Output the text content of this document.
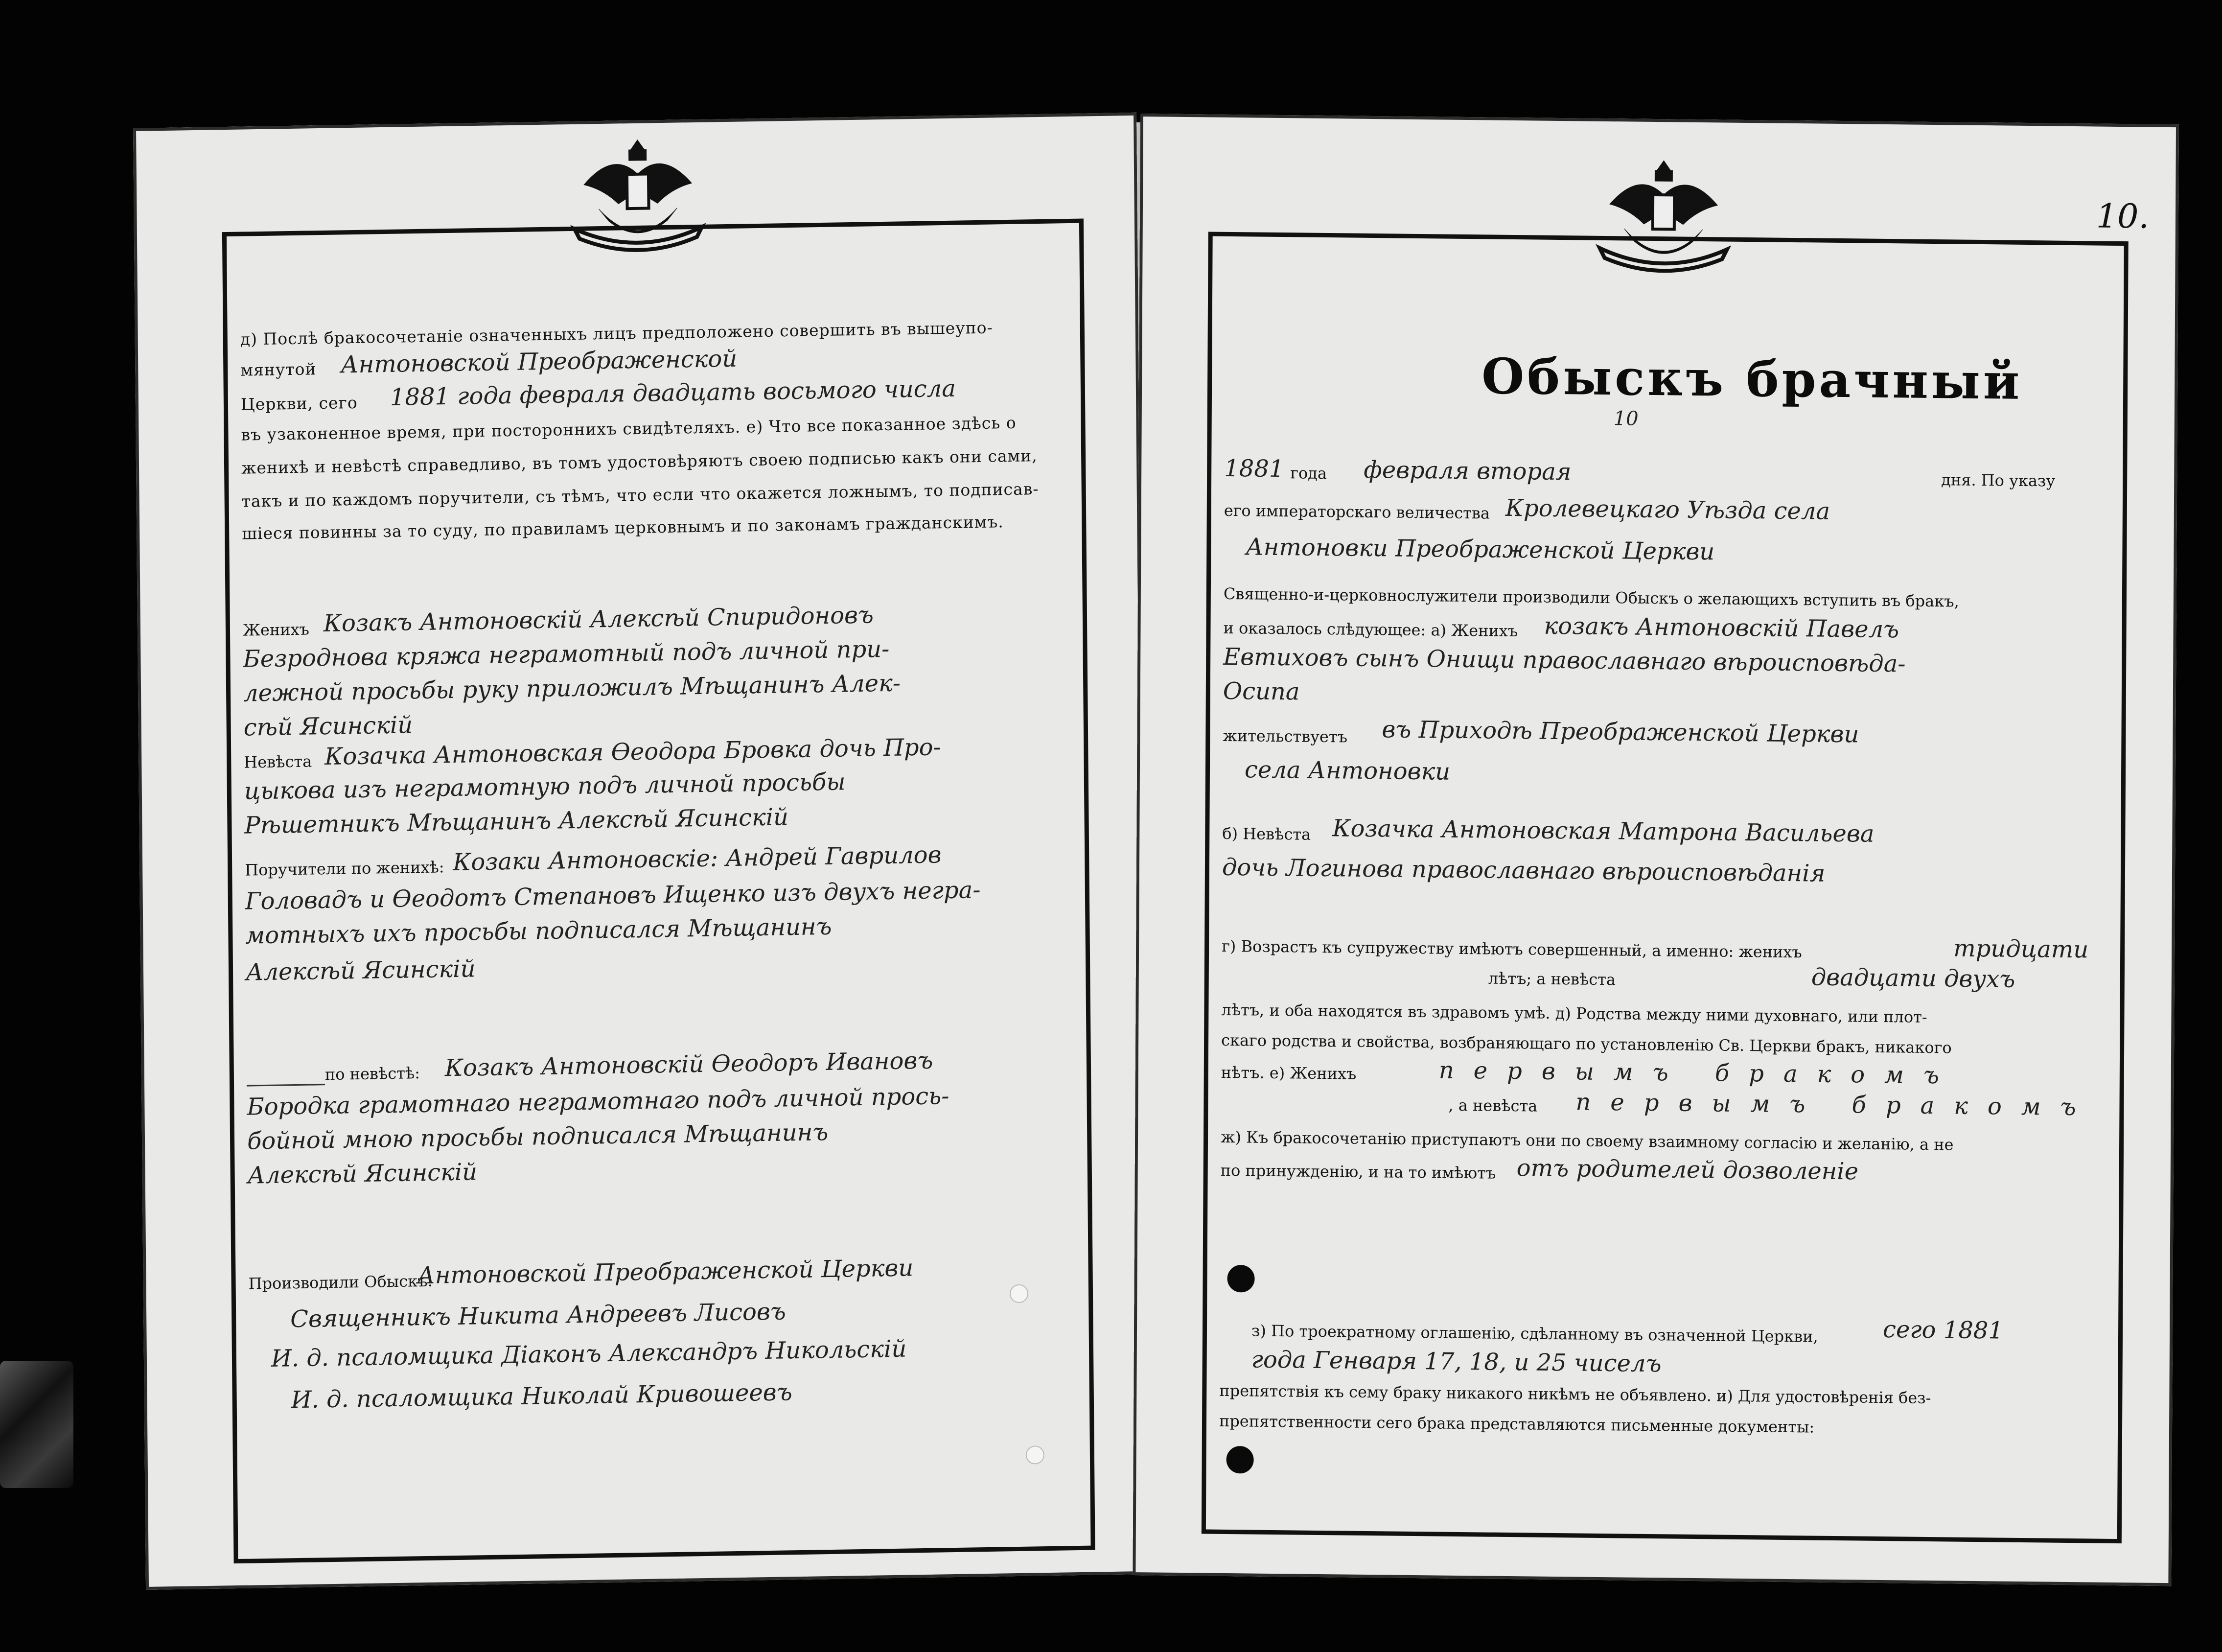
д) Послѣ бракосочетаніе означенныхъ лицъ предположено совершить въ вышеупо-
мянутой Антоновской Преображенской
Церкви, сего 1881 года февраля двадцать восьмого числа
въ узаконенное время, при постороннихъ свидѣтеляхъ. е) Что все показанное здѣсь о
женихѣ и невѣстѣ справедливо, въ томъ удостовѣряютъ своею подписью какъ они сами,
такъ и по каждомъ поручители, съ тѣмъ, что если что окажется ложнымъ, то подписав-
шіеся повинны за то суду, по правиламъ церковнымъ и по законамъ гражданскимъ.
Женихъ Козакъ Антоновскій Алексѣй Спиридоновъ
Безроднова кряжа неграмотный подъ личной при-
лежной просьбы руку приложилъ Мѣщанинъ Алек-
сѣй Ясинскій
Невѣста Козачка Антоновская Ѳеодора Бровка дочь Про-
цыкова изъ неграмотную подъ личной просьбы
Рѣшетникъ Мѣщанинъ Алексѣй Ясинскій
Поручители по женихѣ: Козаки Антоновскіе: Андрей Гаврилов
Головадъ и Ѳеодотъ Степановъ Ищенко изъ двухъ негра-
мотныхъ ихъ просьбы подписался Мѣщанинъ
Алексѣй Ясинскій
по невѣстѣ: Козакъ Антоновскій Ѳеодоръ Ивановъ
Бородка грамотнаго неграмотнаго подъ личной прось-
бойной мною просьбы подписался Мѣщанинъ
Алексѣй Ясинскій
Производили Обыскъ:
Антоновской Преображенской Церкви
Священникъ Никита Андреевъ Лисовъ
И. д. псаломщика Діаконъ Александръ Никольскій
И. д. псаломщика Николай Кривошеевъ
10.
Обыскъ брачный
10
1881 года февраля вторая	дня. По указу
его императорскаго величества Кролевецкаго Уѣзда села
Антоновки Преображенской Церкви
Священно-и-церковнослужители производили Обыскъ о желающихъ вступить въ бракъ,
и оказалось слѣдующее: а) Женихъ козакъ Антоновскій Павелъ
Евтиховъ сынъ Онищи православнаго вѣроисповѣда-
Осипа
жительствуетъ въ Приходѣ Преображенской Церкви
села Антоновки
б) Невѣста Козачка Антоновская Матрона Васильева
дочь Логинова православнаго вѣроисповѣданія
г) Возрастъ къ супружеству имѣютъ совершенный, а именно: женихъ	тридцати
лѣтъ; а невѣста	двадцати двухъ
лѣтъ, и оба находятся въ здравомъ умѣ. д) Родства между ними духовнаго, или плот-
скаго родства и свойства, возбраняющаго по установленію Св. Церкви бракъ, никакого
нѣтъ. е) Женихъ	первымъ бракомъ
, а невѣста первымъ бракомъ
ж) Къ бракосочетанію приступаютъ они по своему взаимному согласію и желанію, а не
по принужденію, и на то имѣютъ отъ родителей дозволеніе
з) По троекратному оглашенію, сдѣланному въ означенной Церкви,	сего 1881
года Генваря 17, 18, и 25 чиселъ
препятствія къ сему браку никакого никѣмъ не объявлено. и) Для удостовѣренія без-
препятственности сего брака представляются письменные документы:
